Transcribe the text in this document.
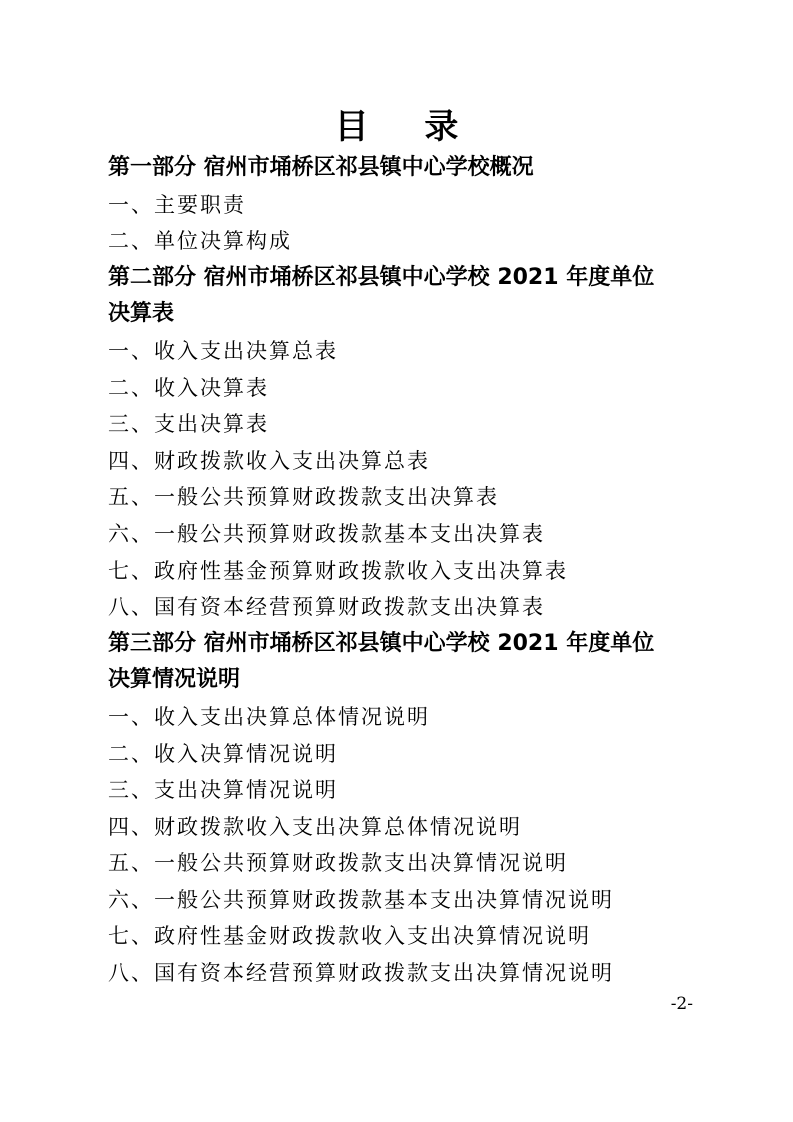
目 录
第一部分 宿州市埇桥区祁县镇中心学校概况
一、主要职责
二、单位决算构成
第二部分 宿州市埇桥区祁县镇中心学校 2021 年度单位
决算表
一、收入支出决算总表
二、收入决算表
三、支出决算表
四、财政拨款收入支出决算总表
五、一般公共预算财政拨款支出决算表
六、一般公共预算财政拨款基本支出决算表
七、政府性基金预算财政拨款收入支出决算表
八、国有资本经营预算财政拨款支出决算表
第三部分 宿州市埇桥区祁县镇中心学校 2021 年度单位
决算情况说明
一、收入支出决算总体情况说明
二、收入决算情况说明
三、支出决算情况说明
四、财政拨款收入支出决算总体情况说明
五、一般公共预算财政拨款支出决算情况说明
六、一般公共预算财政拨款基本支出决算情况说明
七、政府性基金财政拨款收入支出决算情况说明
八、国有资本经营预算财政拨款支出决算情况说明
-2-
